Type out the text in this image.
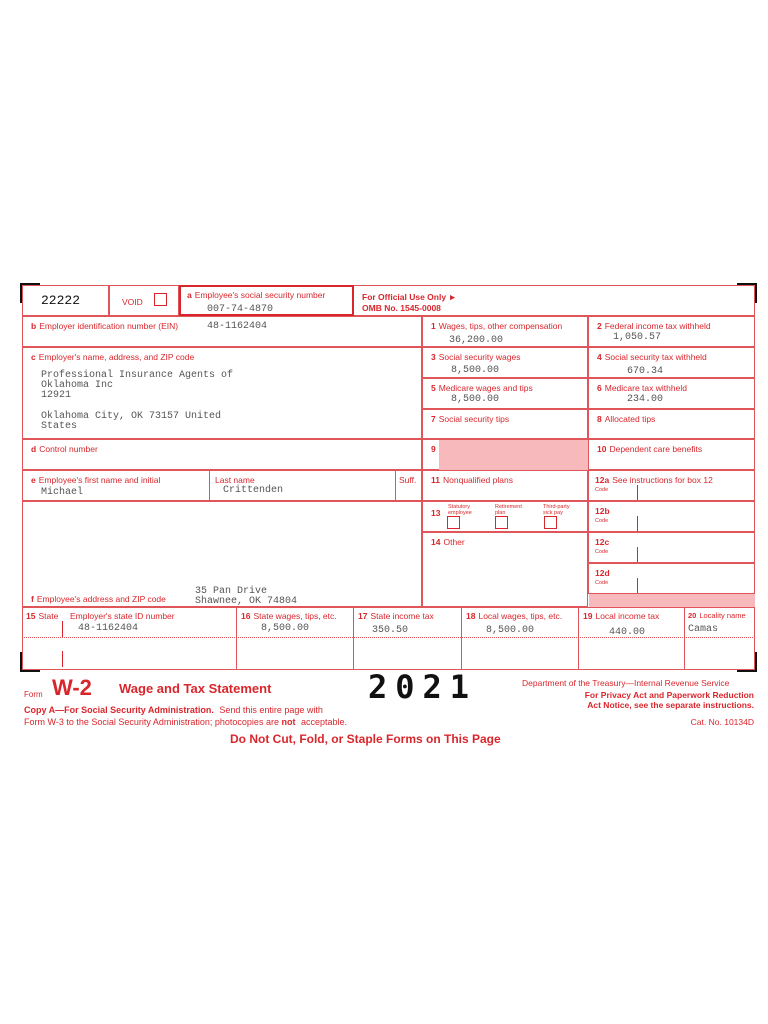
22222	VOID
a Employee's social security number
007-74-4870
For Official Use Only ►
OMB No. 1545-0008
b Employer identification number (EIN)	48-1162404
c Employer's name, address, and ZIP code
Professional Insurance Agents of
Oklahoma Inc
12921
Oklahoma City, OK 73157 United
States
d Control number
e Employee's first name and initial
Michael
Last name
Crittenden
Suff.
f Employee's address and ZIP code
35 Pan Drive
Shawnee, OK 74804
1 Wages, tips, other compensation
36,200.00
3 Social security wages
8,500.00
5 Medicare wages and tips
8,500.00
7 Social security tips
9
11 Nonqualified plans
13
Statutory employee
Retirement plan
Third-party sick pay
14 Other
2 Federal income tax withheld
1,050.57
4 Social security tax withheld
670.34
6 Medicare tax withheld
234.00
8 Allocated tips
10 Dependent care benefits
12a See instructions for box 12
Code
12b
Code
12c
Code
12d
Code
15 State Employer's state ID number
48-1162404
16 State wages, tips, etc.
8,500.00
17 State income tax
350.50
18 Local wages, tips, etc.
8,500.00
19 Local income tax
440.00
20 Locality name
Camas
Form W-2 Wage and Tax Statement	2021	Department of the Treasury—Internal Revenue Service
For Privacy Act and Paperwork Reduction
Act Notice, see the separate instructions.
Cat. No. 10134D
Copy A—For Social Security Administration. Send this entire page with
Form W-3 to the Social Security Administration; photocopies are not acceptable.
Do Not Cut, Fold, or Staple Forms on This Page
